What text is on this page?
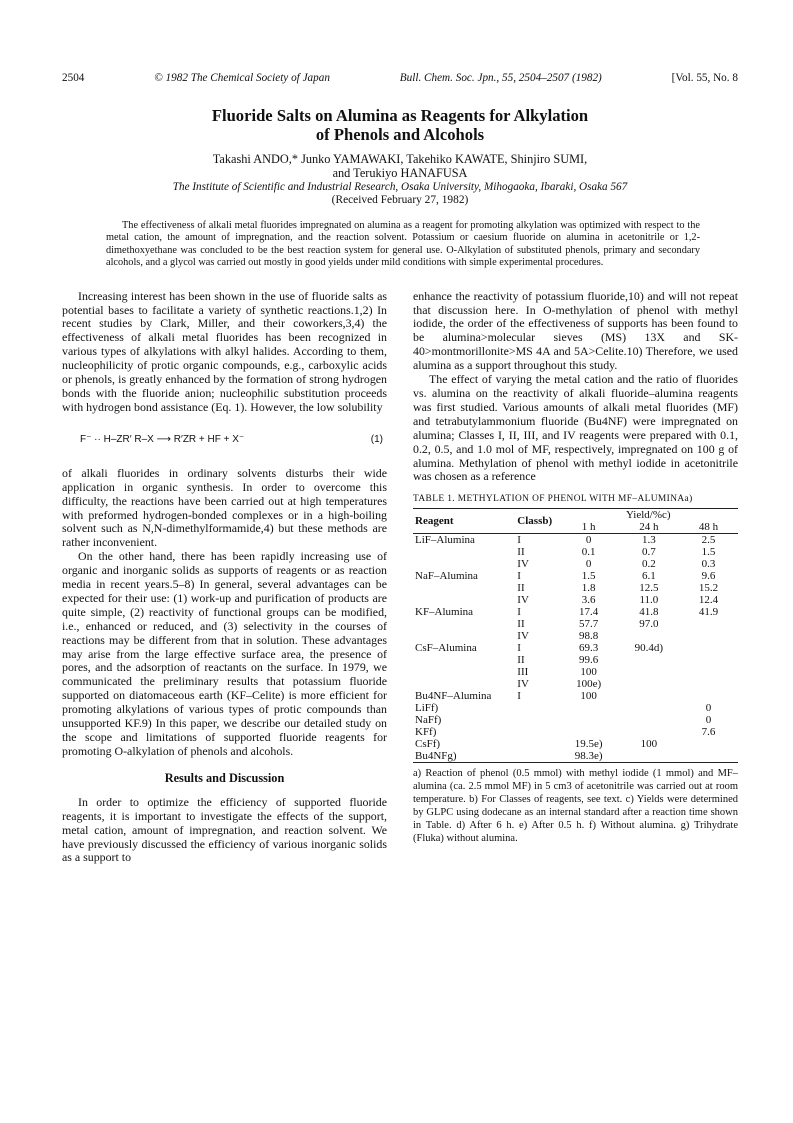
2504	© 1982 The Chemical Society of Japan	Bull. Chem. Soc. Jpn., 55, 2504–2507 (1982)	[Vol. 55, No. 8
Fluoride Salts on Alumina as Reagents for Alkylation
of Phenols and Alcohols
Takashi ANDO,* Junko YAMAWAKI, Takehiko KAWATE, Shinjiro SUMI,
and Terukiyo HANAFUSA
The Institute of Scientific and Industrial Research, Osaka University, Mihogaoka, Ibaraki, Osaka 567
(Received February 27, 1982)
The effectiveness of alkali metal fluorides impregnated on alumina as a reagent for promoting alkylation was optimized with respect to the metal cation, the amount of impregnation, and the reaction solvent. Potassium or caesium fluoride on alumina in acetonitrile or 1,2-dimethoxyethane was concluded to be the best reaction system for general use. O-Alkylation of substituted phenols, primary and secondary alcohols, and a glycol was carried out mostly in good yields under mild conditions with simple experimental procedures.

Increasing interest has been shown in the use of fluoride salts as potential bases to facilitate a variety of synthetic reactions.1,2) In recent studies by Clark, Miller, and their coworkers,3,4) the effectiveness of alkali metal fluorides has been recognized in various types of alkylations with alkyl halides. According to them, nucleophilicity of protic organic compounds, e.g., carboxylic acids or phenols, is greatly enhanced by the formation of strong hydrogen bonds with the fluoride anion; nucleophilic substitution proceeds with hydrogen bond assistance (Eq. 1). However, the low solubility

F⁻ ·· H–ZR′ R–X ⟶ R′ZR + HF + X⁻	(1)

of alkali fluorides in ordinary solvents disturbs their wide application in organic synthesis. In order to overcome this difficulty, the reactions have been carried out at high temperatures with preformed hydrogen-bonded complexes or in a high-boiling solvent such as N,N-dimethylformamide,4) but these methods are rather inconvenient.

On the other hand, there has been rapidly increasing use of organic and inorganic solids as supports of reagents or as reaction media in recent years.5–8) In general, several advantages can be expected for their use: (1) work-up and purification of products are quite simple, (2) reactivity of functional groups can be modified, i.e., enhanced or reduced, and (3) selectivity in the courses of reactions may be different from that in solution. These advantages may arise from the large effective surface area, the presence of pores, and the adsorption of reactants on the surface. In 1979, we communicated the preliminary results that potassium fluoride supported on diatomaceous earth (KF–Celite) is more efficient for promoting alkylations of various types of protic compounds than unsupported KF.9) In this paper, we describe our detailed study on the scope and limitations of supported fluoride reagents for promoting O-alkylation of phenols and alcohols.

Results and Discussion

In order to optimize the efficiency of supported fluoride reagents, it is important to investigate the effects of the support, metal cation, amount of impregnation, and reaction solvent. We have previously discussed the efficiency of various inorganic solids as a support to

enhance the reactivity of potassium fluoride,10) and will not repeat that discussion here. In O-methylation of phenol with methyl iodide, the order of the effectiveness of supports has been found to be alumina>molecular sieves (MS) 13X and SK-40>montmorillonite>MS 4A and 5A>Celite.10) Therefore, we used alumina as a support throughout this study.

The effect of varying the metal cation and the ratio of fluorides vs. alumina on the reactivity of alkali fluoride–alumina reagents was first studied. Various amounts of alkali metal fluorides (MF) and tetrabutylammonium fluoride (Bu4NF) were impregnated on alumina; Classes I, II, III, and IV reagents were prepared with 0.1, 0.2, 0.5, and 1.0 mol of MF, respectively, impregnated on 100 g of alumina. Methylation of phenol with methyl iodide in acetonitrile was chosen as a reference

TABLE 1. METHYLATION OF PHENOL WITH MF–ALUMINAa)
Reagent	Classb)	Yield/%c)		
		1 h	24 h	48 h
LiF–Alumina	I	0	1.3	2.5
	II	0.1	0.7	1.5
	IV	0	0.2	0.3
NaF–Alumina	I	1.5	6.1	9.6
	II	1.8	12.5	15.2
	IV	3.6	11.0	12.4
KF–Alumina	I	17.4	41.8	41.9
	II	57.7	97.0	
	IV	98.8		
CsF–Alumina	I	69.3	90.4d)	
	II	99.6		
	III	100		
	IV	100e)		
Bu4NF–Alumina	I	100		
LiFf)				0
NaFf)				0
KFf)				7.6
CsFf)		19.5e)	100	
Bu4NFg)		98.3e)		
a) Reaction of phenol (0.5 mmol) with methyl iodide (1 mmol) and MF–alumina (ca. 2.5 mmol MF) in 5 cm3 of acetonitrile was carried out at room temperature. b) For Classes of reagents, see text. c) Yields were determined by GLPC using dodecane as an internal standard after a reaction time shown in Table. d) After 6 h. e) After 0.5 h. f) Without alumina. g) Trihydrate (Fluka) without alumina.
